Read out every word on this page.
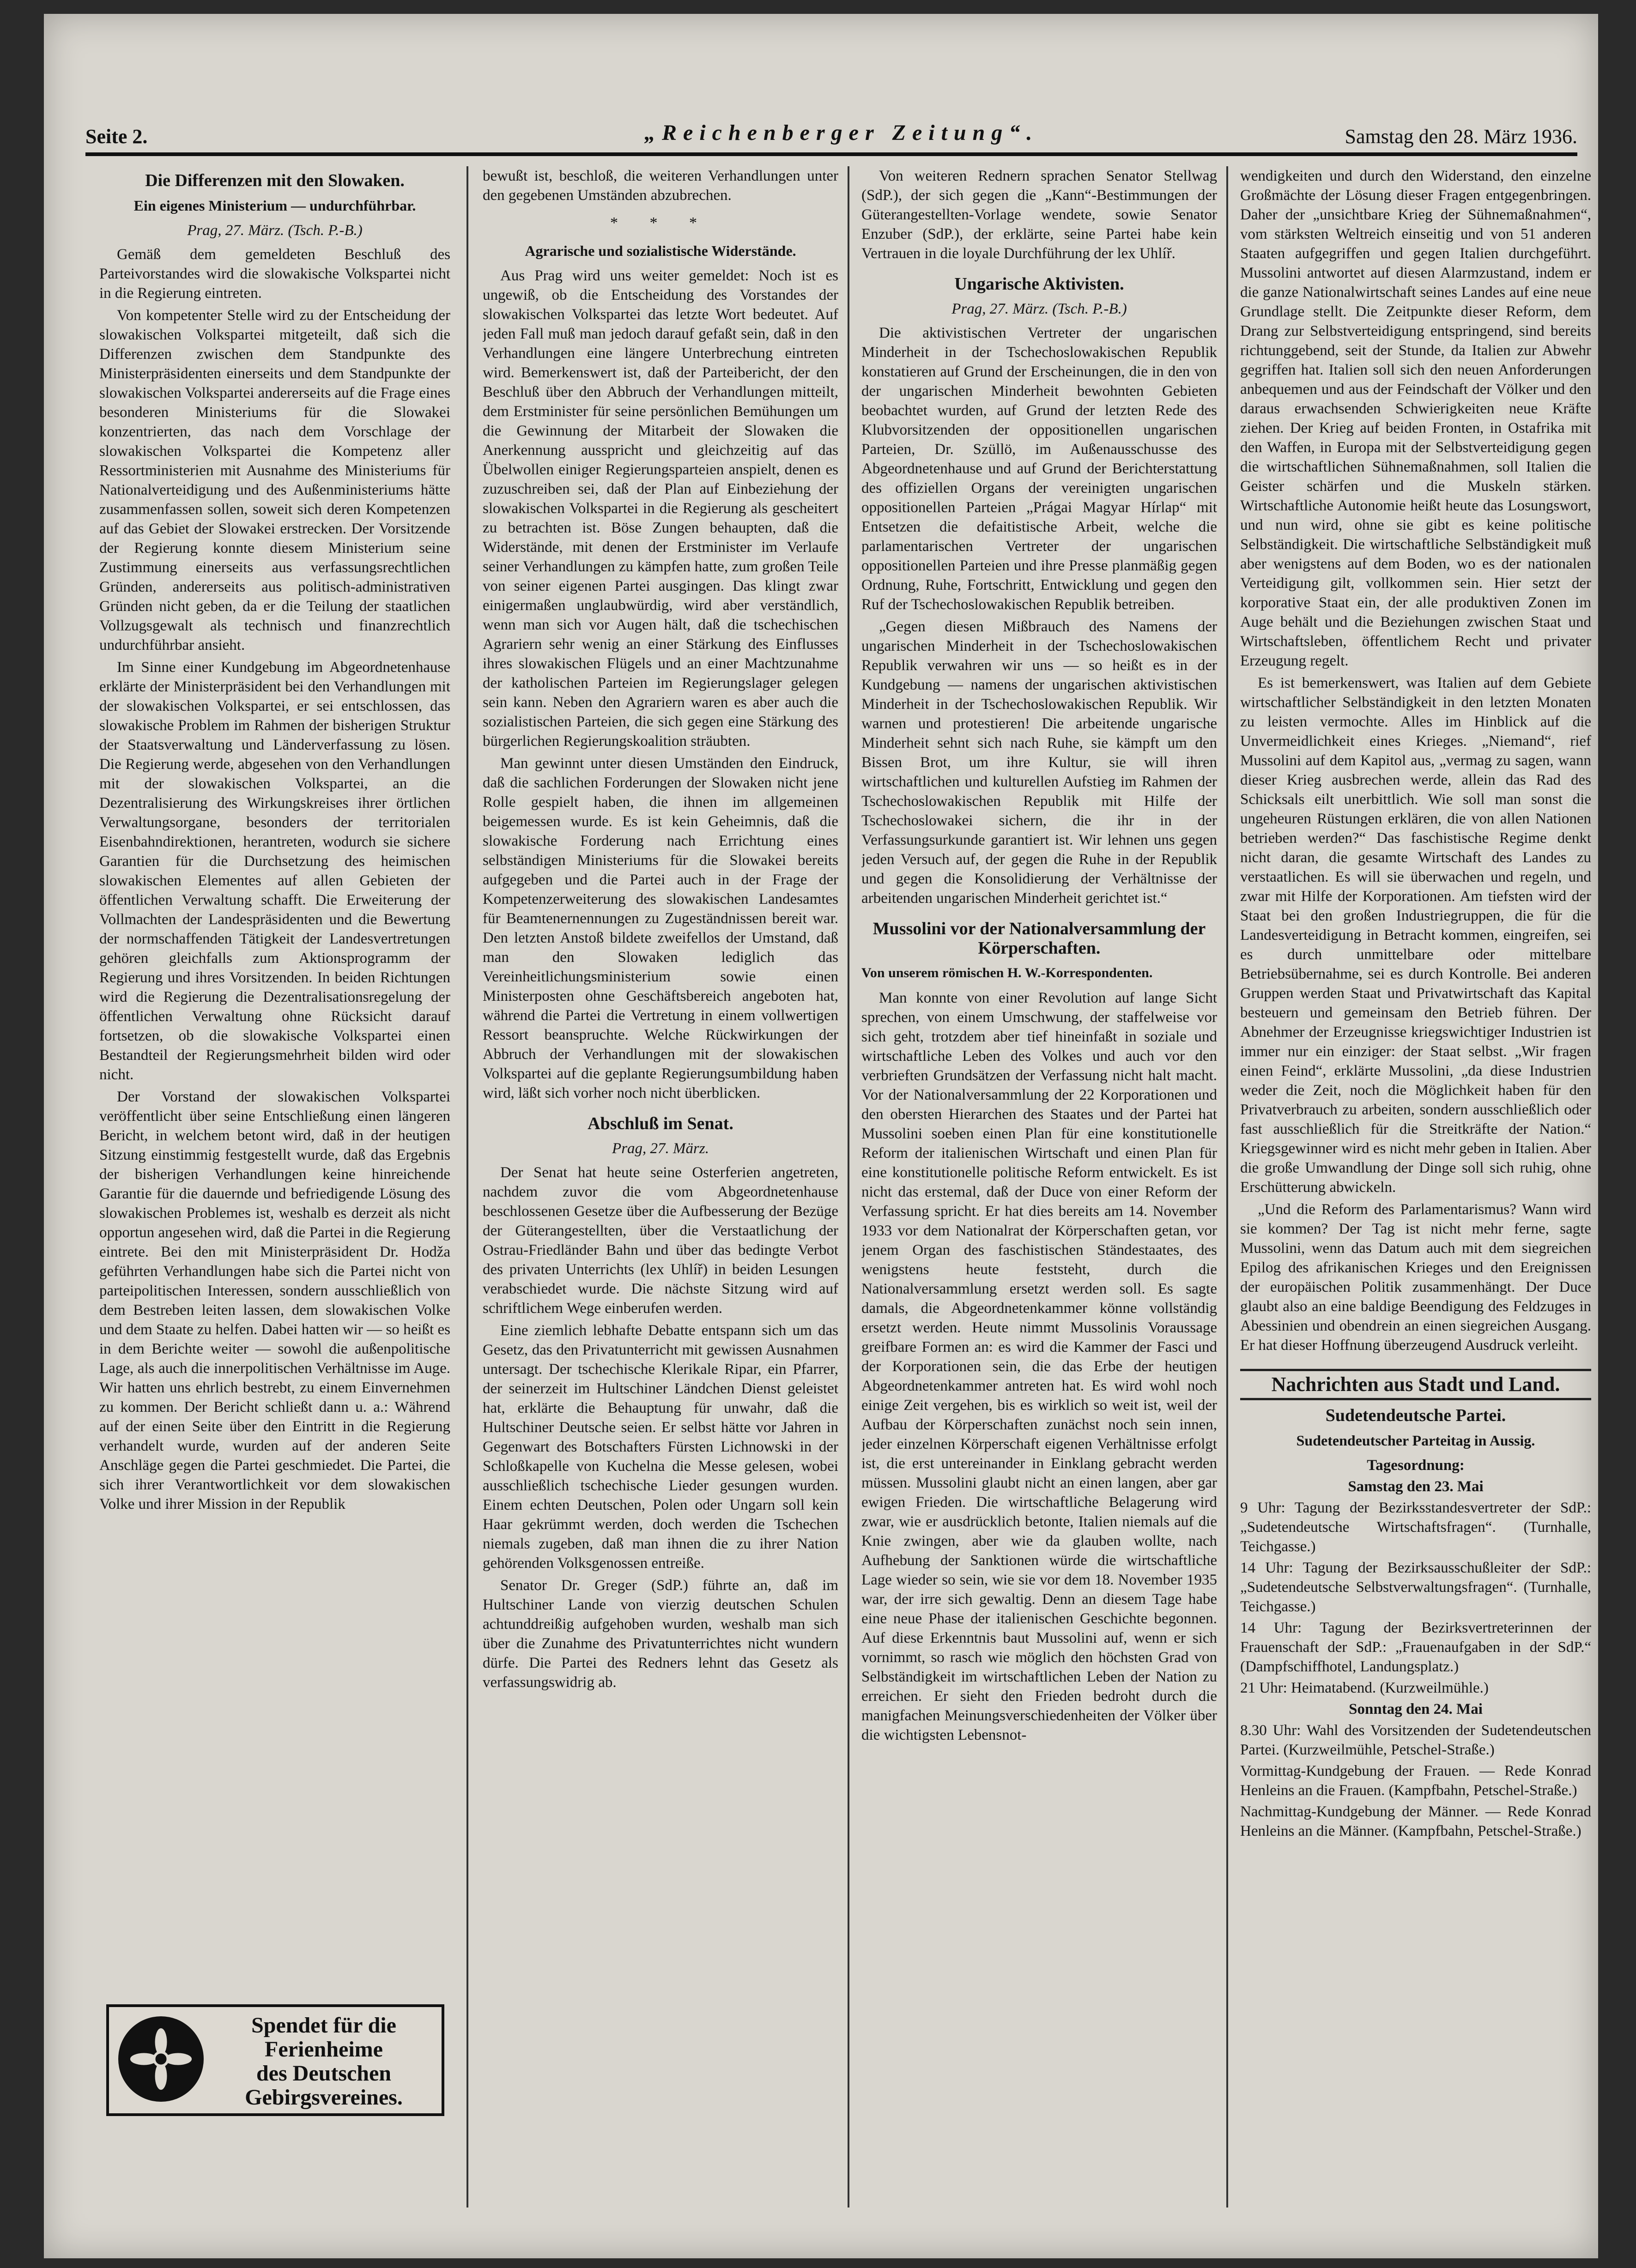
Seite 2.	„Reichenberger Zeitung“.	Samstag den 28. März 1936.
Die Differenzen mit den Slowaken.
Ein eigenes Ministerium — undurchführbar.
Prag, 27. März. (Tsch. P.-B.)

Gemäß dem gemeldeten Beschluß des Parteivorstandes wird die slowakische Volkspartei nicht in die Regierung eintreten.

Von kompetenter Stelle wird zu der Entscheidung der slowakischen Volkspartei mitgeteilt, daß sich die Differenzen zwischen dem Standpunkte des Ministerpräsidenten einerseits und dem Standpunkte der slowakischen Volkspartei andererseits auf die Frage eines besonderen Ministeriums für die Slowakei konzentrierten, das nach dem Vorschlage der slowakischen Volkspartei die Kompetenz aller Ressortministerien mit Ausnahme des Ministeriums für Nationalverteidigung und des Außenministeriums hätte zusammenfassen sollen, soweit sich deren Kompetenzen auf das Gebiet der Slowakei erstrecken. Der Vorsitzende der Regierung konnte diesem Ministerium seine Zustimmung einerseits aus verfassungsrechtlichen Gründen, andererseits aus politisch-administrativen Gründen nicht geben, da er die Teilung der staatlichen Vollzugsgewalt als technisch und finanzrechtlich undurchführbar ansieht.

Im Sinne einer Kundgebung im Abgeordnetenhause erklärte der Ministerpräsident bei den Verhandlungen mit der slowakischen Volkspartei, er sei entschlossen, das slowakische Problem im Rahmen der bisherigen Struktur der Staatsverwaltung und Länderverfassung zu lösen. Die Regierung werde, abgesehen von den Verhandlungen mit der slowakischen Volkspartei, an die Dezentralisierung des Wirkungskreises ihrer örtlichen Verwaltungsorgane, besonders der territorialen Eisenbahndirektionen, herantreten, wodurch sie sichere Garantien für die Durchsetzung des heimischen slowakischen Elementes auf allen Gebieten der öffentlichen Verwaltung schafft. Die Erweiterung der Vollmachten der Landespräsidenten und die Bewertung der normschaffenden Tätigkeit der Landesvertretungen gehören gleichfalls zum Aktionsprogramm der Regierung und ihres Vorsitzenden. In beiden Richtungen wird die Regierung die Dezentralisationsregelung der öffentlichen Verwaltung ohne Rücksicht darauf fortsetzen, ob die slowakische Volkspartei einen Bestandteil der Regierungsmehrheit bilden wird oder nicht.

Der Vorstand der slowakischen Volkspartei veröffentlicht über seine Entschließung einen längeren Bericht, in welchem betont wird, daß in der heutigen Sitzung einstimmig festgestellt wurde, daß das Ergebnis der bisherigen Verhandlungen keine hinreichende Garantie für die dauernde und befriedigende Lösung des slowakischen Problemes ist, weshalb es derzeit als nicht opportun angesehen wird, daß die Partei in die Regierung eintrete. Bei den mit Ministerpräsident Dr. Hodža geführten Verhandlungen habe sich die Partei nicht von parteipolitischen Interessen, sondern ausschließlich von dem Bestreben leiten lassen, dem slowakischen Volke und dem Staate zu helfen. Dabei hatten wir — so heißt es in dem Berichte weiter — sowohl die außenpolitische Lage, als auch die innerpolitischen Verhältnisse im Auge. Wir hatten uns ehrlich bestrebt, zu einem Einvernehmen zu kommen. Der Bericht schließt dann u. a.: Während auf der einen Seite über den Eintritt in die Regierung verhandelt wurde, wurden auf der anderen Seite Anschläge gegen die Partei geschmiedet. Die Partei, die sich ihrer Verantwortlichkeit vor dem slowakischen Volke und ihrer Mission in der Republik

Spendet für die
Ferienheime
des Deutschen
Gebirgsvereines.

bewußt ist, beschloß, die weiteren Verhandlungen unter den gegebenen Umständen abzubrechen.

* * *
Agrarische und sozialistische Widerstände.

Aus Prag wird uns weiter gemeldet: Noch ist es ungewiß, ob die Entscheidung des Vorstandes der slowakischen Volkspartei das letzte Wort bedeutet. Auf jeden Fall muß man jedoch darauf gefaßt sein, daß in den Verhandlungen eine längere Unterbrechung eintreten wird. Bemerkenswert ist, daß der Parteibericht, der den Beschluß über den Abbruch der Verhandlungen mitteilt, dem Erstminister für seine persönlichen Bemühungen um die Gewinnung der Mitarbeit der Slowaken die Anerkennung ausspricht und gleichzeitig auf das Übelwollen einiger Regierungsparteien anspielt, denen es zuzuschreiben sei, daß der Plan auf Einbeziehung der slowakischen Volkspartei in die Regierung als gescheitert zu betrachten ist. Böse Zungen behaupten, daß die Widerstände, mit denen der Erstminister im Verlaufe seiner Verhandlungen zu kämpfen hatte, zum großen Teile von seiner eigenen Partei ausgingen. Das klingt zwar einigermaßen unglaubwürdig, wird aber verständlich, wenn man sich vor Augen hält, daß die tschechischen Agrariern sehr wenig an einer Stärkung des Einflusses ihres slowakischen Flügels und an einer Machtzunahme der katholischen Parteien im Regierungslager gelegen sein kann. Neben den Agrariern waren es aber auch die sozialistischen Parteien, die sich gegen eine Stärkung des bürgerlichen Regierungskoalition sträubten.

Man gewinnt unter diesen Umständen den Eindruck, daß die sachlichen Forderungen der Slowaken nicht jene Rolle gespielt haben, die ihnen im allgemeinen beigemessen wurde. Es ist kein Geheimnis, daß die slowakische Forderung nach Errichtung eines selbständigen Ministeriums für die Slowakei bereits aufgegeben und die Partei auch in der Frage der Kompetenzerweiterung des slowakischen Landesamtes für Beamtenernennungen zu Zugeständnissen bereit war. Den letzten Anstoß bildete zweifellos der Umstand, daß man den Slowaken lediglich das Vereinheitlichungsministerium sowie einen Ministerposten ohne Geschäftsbereich angeboten hat, während die Partei die Vertretung in einem vollwertigen Ressort beanspruchte. Welche Rückwirkungen der Abbruch der Verhandlungen mit der slowakischen Volkspartei auf die geplante Regierungsumbildung haben wird, läßt sich vorher noch nicht überblicken.

Abschluß im Senat.
Prag, 27. März.

Der Senat hat heute seine Osterferien angetreten, nachdem zuvor die vom Abgeordnetenhause beschlossenen Gesetze über die Aufbesserung der Bezüge der Güterangestellten, über die Verstaatlichung der Ostrau-Friedländer Bahn und über das bedingte Verbot des privaten Unterrichts (lex Uhlíř) in beiden Lesungen verabschiedet wurde. Die nächste Sitzung wird auf schriftlichem Wege einberufen werden.

Eine ziemlich lebhafte Debatte entspann sich um das Gesetz, das den Privatunterricht mit gewissen Ausnahmen untersagt. Der tschechische Klerikale Ripar, ein Pfarrer, der seinerzeit im Hultschiner Ländchen Dienst geleistet hat, erklärte die Behauptung für unwahr, daß die Hultschiner Deutsche seien. Er selbst hätte vor Jahren in Gegenwart des Botschafters Fürsten Lichnowski in der Schloßkapelle von Kuchelna die Messe gelesen, wobei ausschließlich tschechische Lieder gesungen wurden. Einem echten Deutschen, Polen oder Ungarn soll kein Haar gekrümmt werden, doch werden die Tschechen niemals zugeben, daß man ihnen die zu ihrer Nation gehörenden Volksgenossen entreiße.

Senator Dr. Greger (SdP.) führte an, daß im Hultschiner Lande von vierzig deutschen Schulen achtunddreißig aufgehoben wurden, weshalb man sich über die Zunahme des Privatunterrichtes nicht wundern dürfe. Die Partei des Redners lehnt das Gesetz als verfassungswidrig ab.

Von weiteren Rednern sprachen Senator Stellwag (SdP.), der sich gegen die „Kann“-Bestimmungen der Güterangestellten-Vorlage wendete, sowie Senator Enzuber (SdP.), der erklärte, seine Partei habe kein Vertrauen in die loyale Durchführung der lex Uhlíř.

Ungarische Aktivisten.
Prag, 27. März. (Tsch. P.-B.)

Die aktivistischen Vertreter der ungarischen Minderheit in der Tschechoslowakischen Republik konstatieren auf Grund der Erscheinungen, die in den von der ungarischen Minderheit bewohnten Gebieten beobachtet wurden, auf Grund der letzten Rede des Klubvorsitzenden der oppositionellen ungarischen Parteien, Dr. Szüllö, im Außenausschusse des Abgeordnetenhause und auf Grund der Berichterstattung des offiziellen Organs der vereinigten ungarischen oppositionellen Parteien „Prágai Magyar Hírlap“ mit Entsetzen die defaitistische Arbeit, welche die parlamentarischen Vertreter der ungarischen oppositionellen Parteien und ihre Presse planmäßig gegen Ordnung, Ruhe, Fortschritt, Entwicklung und gegen den Ruf der Tschechoslowakischen Republik betreiben.

„Gegen diesen Mißbrauch des Namens der ungarischen Minderheit in der Tschechoslowakischen Republik verwahren wir uns — so heißt es in der Kundgebung — namens der ungarischen aktivistischen Minderheit in der Tschechoslowakischen Republik. Wir warnen und protestieren! Die arbeitende ungarische Minderheit sehnt sich nach Ruhe, sie kämpft um den Bissen Brot, um ihre Kultur, sie will ihren wirtschaftlichen und kulturellen Aufstieg im Rahmen der Tschechoslowakischen Republik mit Hilfe der Tschechoslowakei sichern, die ihr in der Verfassungsurkunde garantiert ist. Wir lehnen uns gegen jeden Versuch auf, der gegen die Ruhe in der Republik und gegen die Konsolidierung der Verhältnisse der arbeitenden ungarischen Minderheit gerichtet ist.“

Mussolini vor der Nationalversammlung der Körperschaften.
Von unserem römischen H. W.-Korrespondenten.

Man konnte von einer Revolution auf lange Sicht sprechen, von einem Umschwung, der staffelweise vor sich geht, trotzdem aber tief hineinfaßt in soziale und wirtschaftliche Leben des Volkes und auch vor den verbrieften Grundsätzen der Verfassung nicht halt macht. Vor der Nationalversammlung der 22 Korporationen und den obersten Hierarchen des Staates und der Partei hat Mussolini soeben einen Plan für eine konstitutionelle Reform der italienischen Wirtschaft und einen Plan für eine konstitutionelle politische Reform entwickelt. Es ist nicht das erstemal, daß der Duce von einer Reform der Verfassung spricht. Er hat dies bereits am 14. November 1933 vor dem Nationalrat der Körperschaften getan, vor jenem Organ des faschistischen Ständestaates, des wenigstens heute feststeht, durch die Nationalversammlung ersetzt werden soll. Es sagte damals, die Abgeordnetenkammer könne vollständig ersetzt werden. Heute nimmt Mussolinis Voraussage greifbare Formen an: es wird die Kammer der Fasci und der Korporationen sein, die das Erbe der heutigen Abgeordnetenkammer antreten hat. Es wird wohl noch einige Zeit vergehen, bis es wirklich so weit ist, weil der Aufbau der Körperschaften zunächst noch sein innen, jeder einzelnen Körperschaft eigenen Verhältnisse erfolgt ist, die erst untereinander in Einklang gebracht werden müssen. Mussolini glaubt nicht an einen langen, aber gar ewigen Frieden. Die wirtschaftliche Belagerung wird zwar, wie er ausdrücklich betonte, Italien niemals auf die Knie zwingen, aber wie da glauben wollte, nach Aufhebung der Sanktionen würde die wirtschaftliche Lage wieder so sein, wie sie vor dem 18. November 1935 war, der irre sich gewaltig. Denn an diesem Tage habe eine neue Phase der italienischen Geschichte begonnen. Auf diese Erkenntnis baut Mussolini auf, wenn er sich vornimmt, so rasch wie möglich den höchsten Grad von Selbständigkeit im wirtschaftlichen Leben der Nation zu erreichen. Er sieht den Frieden bedroht durch die manigfachen Meinungsverschiedenheiten der Völker über die wichtigsten Lebensnot-

wendigkeiten und durch den Widerstand, den einzelne Großmächte der Lösung dieser Fragen entgegenbringen. Daher der „unsichtbare Krieg der Sühnemaßnahmen“, vom stärksten Weltreich einseitig und von 51 anderen Staaten aufgegriffen und gegen Italien durchgeführt. Mussolini antwortet auf diesen Alarmzustand, indem er die ganze Nationalwirtschaft seines Landes auf eine neue Grundlage stellt. Die Zeitpunkte dieser Reform, dem Drang zur Selbstverteidigung entspringend, sind bereits richtunggebend, seit der Stunde, da Italien zur Abwehr gegriffen hat. Italien soll sich den neuen Anforderungen anbequemen und aus der Feindschaft der Völker und den daraus erwachsenden Schwierigkeiten neue Kräfte ziehen. Der Krieg auf beiden Fronten, in Ostafrika mit den Waffen, in Europa mit der Selbstverteidigung gegen die wirtschaftlichen Sühnemaßnahmen, soll Italien die Geister schärfen und die Muskeln stärken. Wirtschaftliche Autonomie heißt heute das Losungswort, und nun wird, ohne sie gibt es keine politische Selbständigkeit. Die wirtschaftliche Selbständigkeit muß aber wenigstens auf dem Boden, wo es der nationalen Verteidigung gilt, vollkommen sein. Hier setzt der korporative Staat ein, der alle produktiven Zonen im Auge behält und die Beziehungen zwischen Staat und Wirtschaftsleben, öffentlichem Recht und privater Erzeugung regelt.

Es ist bemerkenswert, was Italien auf dem Gebiete wirtschaftlicher Selbständigkeit in den letzten Monaten zu leisten vermochte. Alles im Hinblick auf die Unvermeidlichkeit eines Krieges. „Niemand“, rief Mussolini auf dem Kapitol aus, „vermag zu sagen, wann dieser Krieg ausbrechen werde, allein das Rad des Schicksals eilt unerbittlich. Wie soll man sonst die ungeheuren Rüstungen erklären, die von allen Nationen betrieben werden?“ Das faschistische Regime denkt nicht daran, die gesamte Wirtschaft des Landes zu verstaatlichen. Es will sie überwachen und regeln, und zwar mit Hilfe der Korporationen. Am tiefsten wird der Staat bei den großen Industriegruppen, die für die Landesverteidigung in Betracht kommen, eingreifen, sei es durch unmittelbare oder mittelbare Betriebsübernahme, sei es durch Kontrolle. Bei anderen Gruppen werden Staat und Privatwirtschaft das Kapital besteuern und gemeinsam den Betrieb führen. Der Abnehmer der Erzeugnisse kriegswichtiger Industrien ist immer nur ein einziger: der Staat selbst. „Wir fragen einen Feind“, erklärte Mussolini, „da diese Industrien weder die Zeit, noch die Möglichkeit haben für den Privatverbrauch zu arbeiten, sondern ausschließlich oder fast ausschließlich für die Streitkräfte der Nation.“ Kriegsgewinner wird es nicht mehr geben in Italien. Aber die große Umwandlung der Dinge soll sich ruhig, ohne Erschütterung abwickeln.

„Und die Reform des Parlamentarismus? Wann wird sie kommen? Der Tag ist nicht mehr ferne, sagte Mussolini, wenn das Datum auch mit dem siegreichen Epilog des afrikanischen Krieges und den Ereignissen der europäischen Politik zusammenhängt. Der Duce glaubt also an eine baldige Beendigung des Feldzuges in Abessinien und obendrein an einen siegreichen Ausgang. Er hat dieser Hoffnung überzeugend Ausdruck verleiht.

Nachrichten aus Stadt und Land.
Sudetendeutsche Partei.
Sudetendeutscher Parteitag in Aussig.

Tagesordnung:

Samstag den 23. Mai

9 Uhr: Tagung der Bezirksstandesvertreter der SdP.: „Sudetendeutsche Wirtschaftsfragen“. (Turnhalle, Teichgasse.)

14 Uhr: Tagung der Bezirksausschußleiter der SdP.: „Sudetendeutsche Selbstverwaltungsfragen“. (Turnhalle, Teichgasse.)

14 Uhr: Tagung der Bezirksvertreterinnen der Frauenschaft der SdP.: „Frauenaufgaben in der SdP.“ (Dampfschiffhotel, Landungsplatz.)

21 Uhr: Heimatabend. (Kurzweilmühle.)

Sonntag den 24. Mai

8.30 Uhr: Wahl des Vorsitzenden der Sudetendeutschen Partei. (Kurzweilmühle, Petschel-Straße.)

Vormittag-Kundgebung der Frauen. — Rede Konrad Henleins an die Frauen. (Kampfbahn, Petschel-Straße.)

Nachmittag-Kundgebung der Männer. — Rede Konrad Henleins an die Männer. (Kampfbahn, Petschel-Straße.)
